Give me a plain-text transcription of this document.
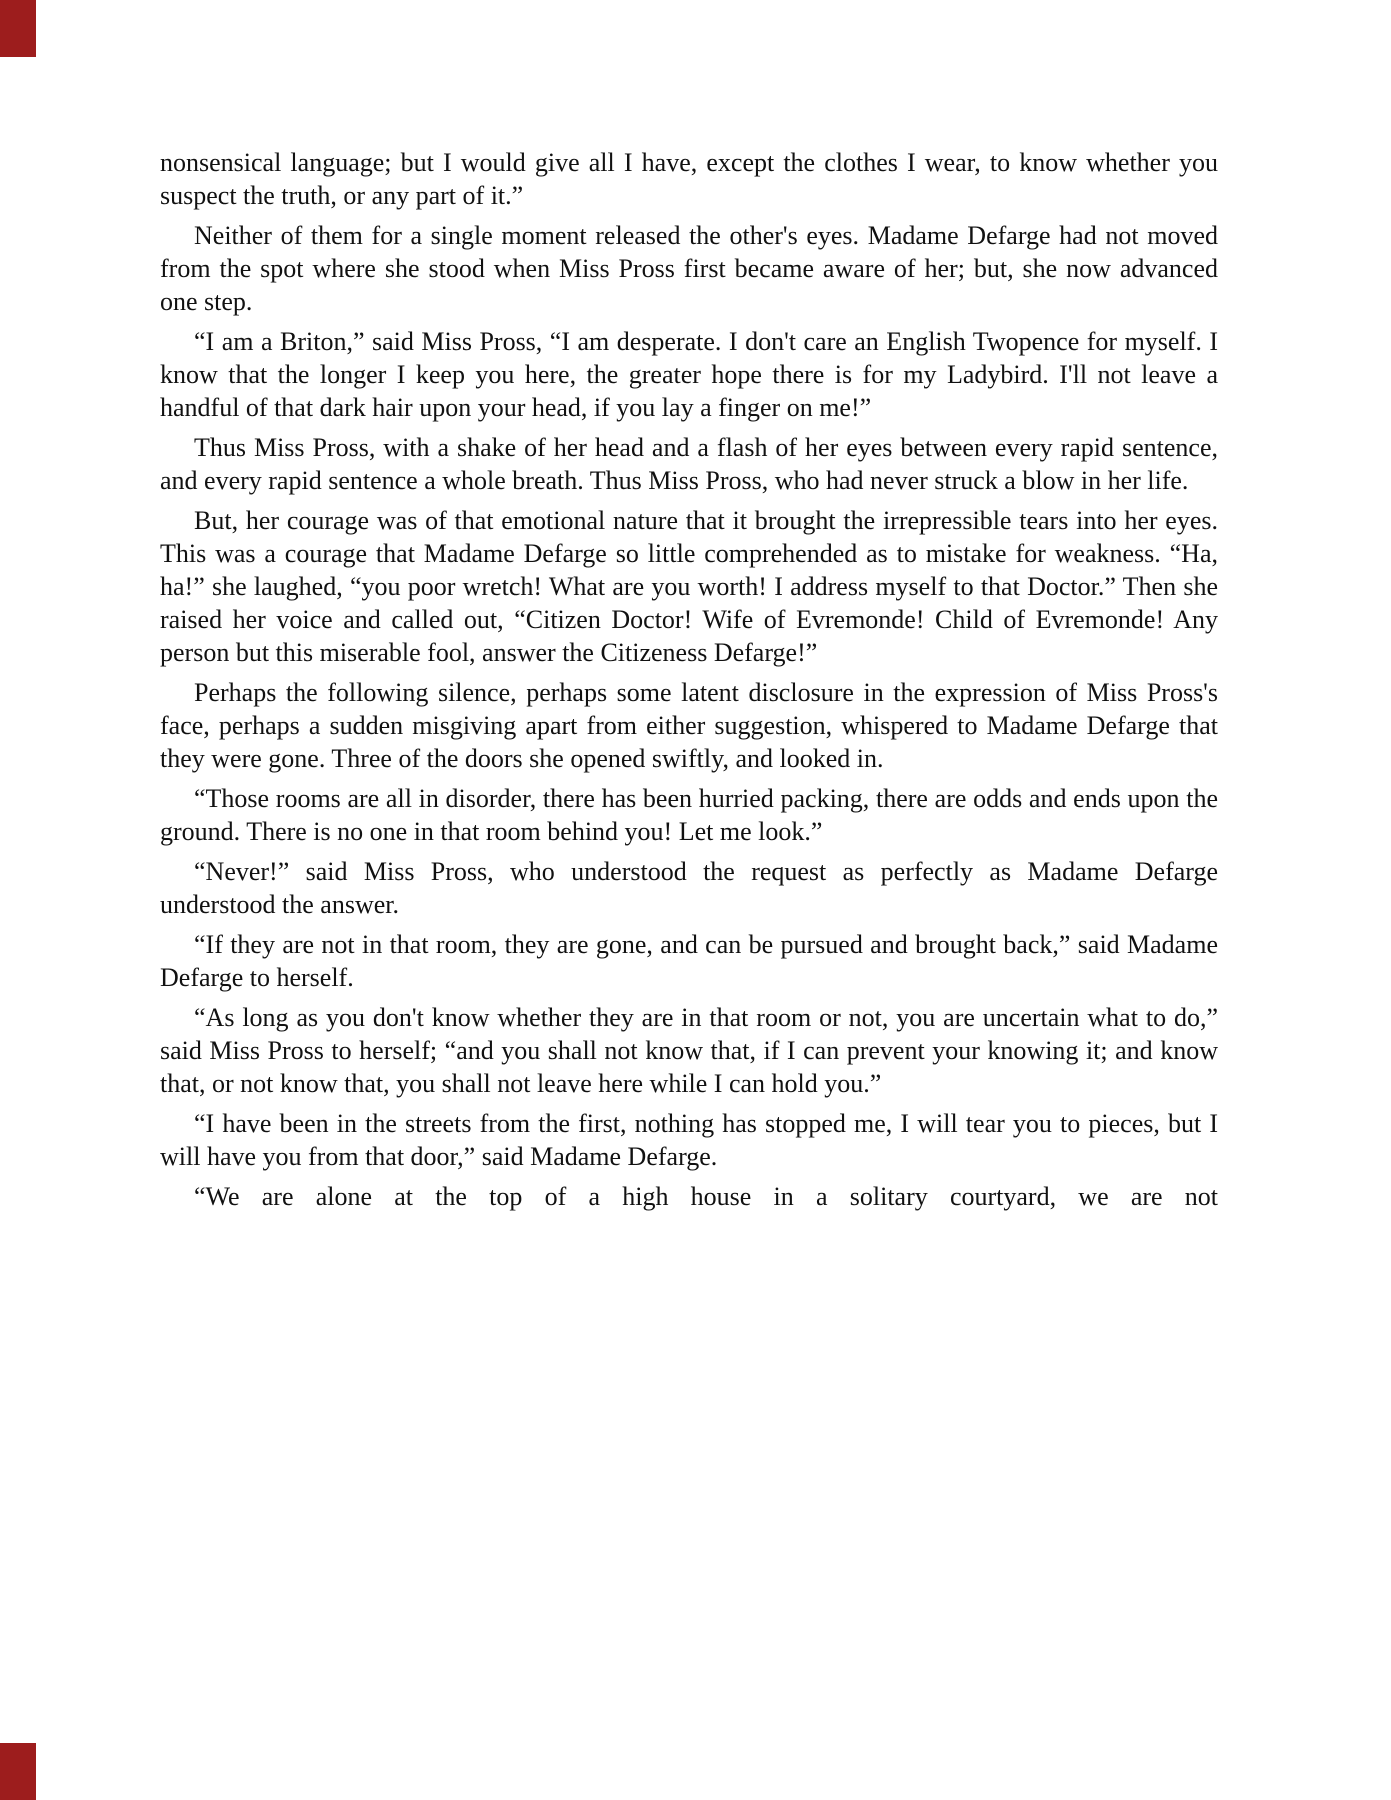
nonsensical language; but I would give all I have, except the clothes I wear, to know whether you suspect the truth, or any part of it.”

Neither of them for a single moment released the other's eyes. Madame Defarge had not moved from the spot where she stood when Miss Pross first became aware of her; but, she now advanced one step.

“I am a Briton,” said Miss Pross, “I am desperate. I don't care an English Twopence for myself. I know that the longer I keep you here, the greater hope there is for my Ladybird. I'll not leave a handful of that dark hair upon your head, if you lay a finger on me!”

Thus Miss Pross, with a shake of her head and a flash of her eyes between every rapid sentence, and every rapid sentence a whole breath. Thus Miss Pross, who had never struck a blow in her life.

But, her courage was of that emotional nature that it brought the irrepressible tears into her eyes. This was a courage that Madame Defarge so little comprehended as to mistake for weakness. “Ha, ha!” she laughed, “you poor wretch! What are you worth! I address myself to that Doctor.” Then she raised her voice and called out, “Citizen Doctor! Wife of Evremonde! Child of Evremonde! Any person but this miserable fool, answer the Citizeness Defarge!”

Perhaps the following silence, perhaps some latent disclosure in the expression of Miss Pross's face, perhaps a sudden misgiving apart from either suggestion, whispered to Madame Defarge that they were gone. Three of the doors she opened swiftly, and looked in.

“Those rooms are all in disorder, there has been hurried packing, there are odds and ends upon the ground. There is no one in that room behind you! Let me look.”

“Never!” said Miss Pross, who understood the request as perfectly as Madame Defarge understood the answer.

“If they are not in that room, they are gone, and can be pursued and brought back,” said Madame Defarge to herself.

“As long as you don't know whether they are in that room or not, you are uncertain what to do,” said Miss Pross to herself; “and you shall not know that, if I can prevent your knowing it; and know that, or not know that, you shall not leave here while I can hold you.”

“I have been in the streets from the first, nothing has stopped me, I will tear you to pieces, but I will have you from that door,” said Madame Defarge.

“We are alone at the top of a high house in a solitary courtyard, we are not
